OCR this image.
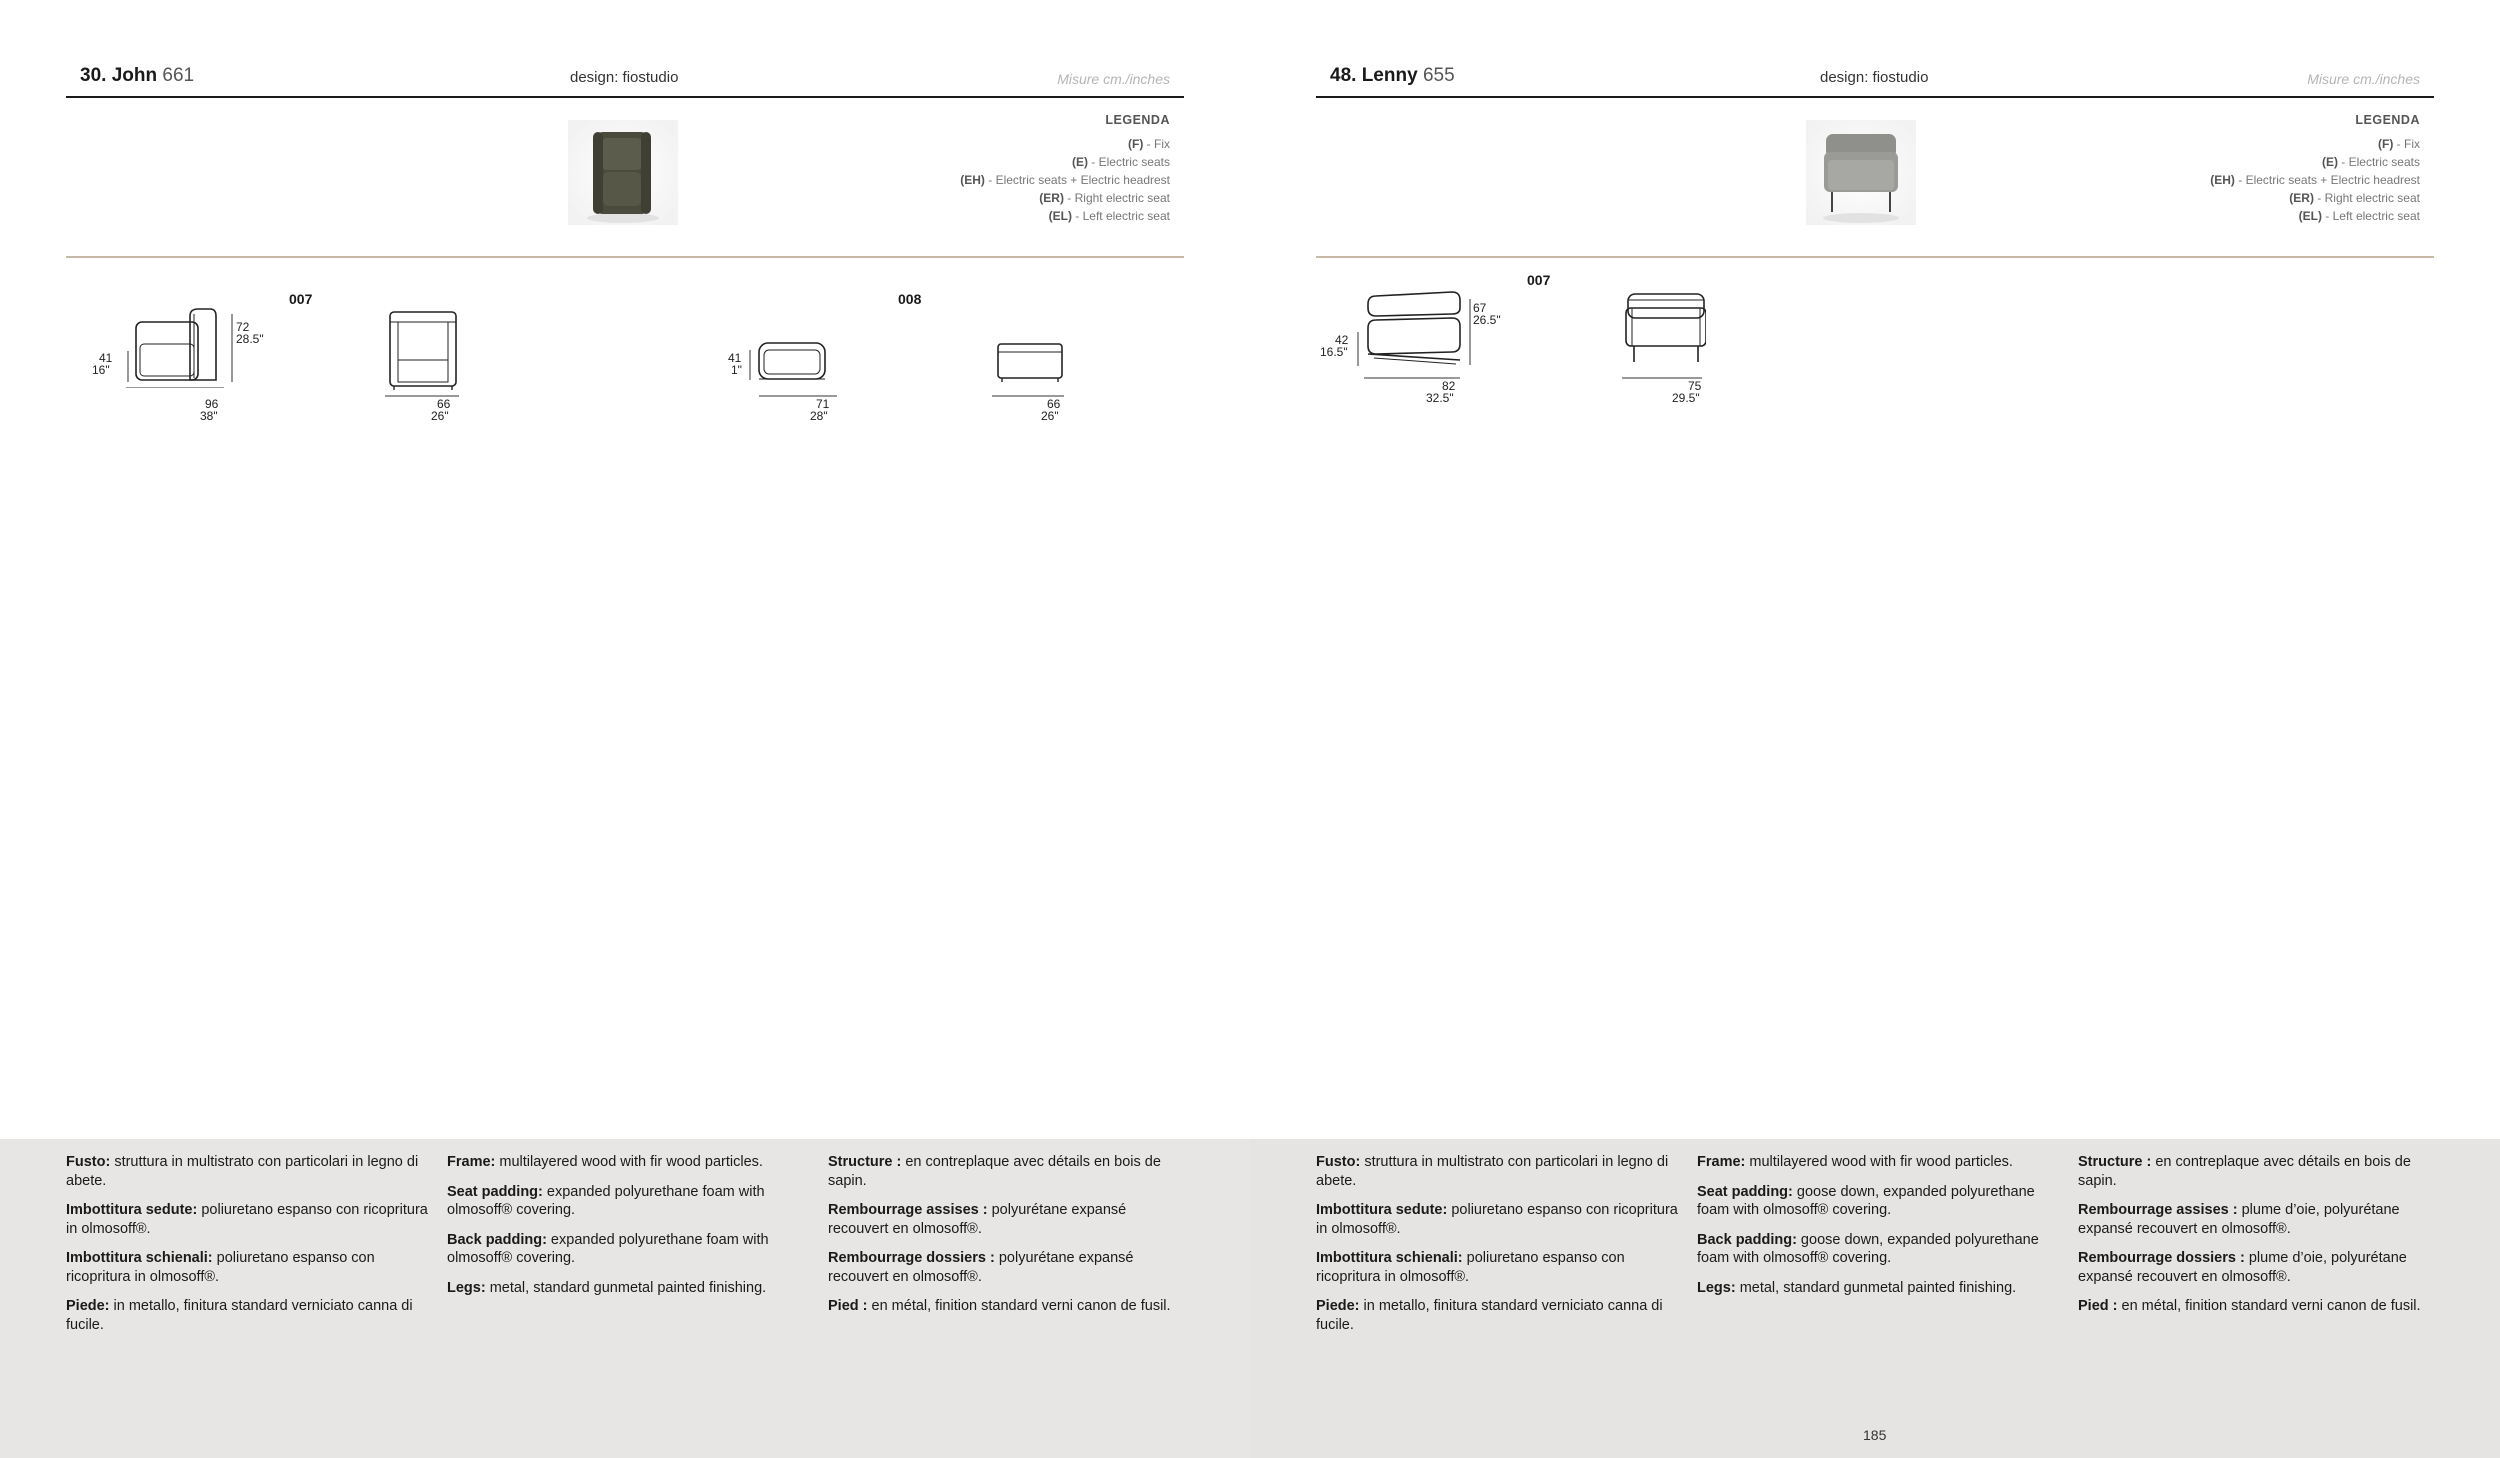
30. John 661	design: fiostudio	Misure cm./inches
LEGENDA
(F) - Fix
(E) - Electric seats
(EH) - Electric seats + Electric headrest
(ER) - Right electric seat
(EL) - Left electric seat
007
41
16"
72
28.5"
96
38"
66
26"
008
41
1"
71
28"
66
26"
Fusto: struttura in multistrato con particolari in legno di abete.
Imbottitura sedute: poliuretano espanso con ricopritura in olmosoff®.
Imbottitura schienali: poliuretano espanso con ricopritura in olmosoff®.
Piede: in metallo, finitura standard verniciato canna di fucile.
Frame: multilayered wood with fir wood particles.
Seat padding: expanded polyurethane foam with olmosoff® covering.
Back padding: expanded polyurethane foam with olmosoff® covering.
Legs: metal, standard gunmetal painted finishing.
Structure : en contreplaque avec détails en bois de sapin.
Rembourrage assises : polyurétane expansé recouvert en olmosoff®.
Rembourrage dossiers : polyurétane expansé recouvert en olmosoff®.
Pied : en métal, finition standard verni canon de fusil.
48. Lenny 655	design: fiostudio	Misure cm./inches
LEGENDA
(F) - Fix
(E) - Electric seats
(EH) - Electric seats + Electric headrest
(ER) - Right electric seat
(EL) - Left electric seat
007
42
16.5"
67
26.5"
82
32.5"
75
29.5"
Fusto: struttura in multistrato con particolari in legno di abete.
Imbottitura sedute: poliuretano espanso con ricopritura in olmosoff®.
Imbottitura schienali: poliuretano espanso con ricopritura in olmosoff®.
Piede: in metallo, finitura standard verniciato canna di fucile.
Frame: multilayered wood with fir wood particles.
Seat padding: goose down, expanded polyurethane foam with olmosoff® covering.
Back padding: goose down, expanded polyurethane foam with olmosoff® covering.
Legs: metal, standard gunmetal painted finishing.
Structure : en contreplaque avec détails en bois de sapin.
Rembourrage assises : plume d’oie, polyurétane expansé recouvert en olmosoff®.
Rembourrage dossiers : plume d’oie, polyurétane expansé recouvert en olmosoff®.
Pied : en métal, finition standard verni canon de fusil.
185
